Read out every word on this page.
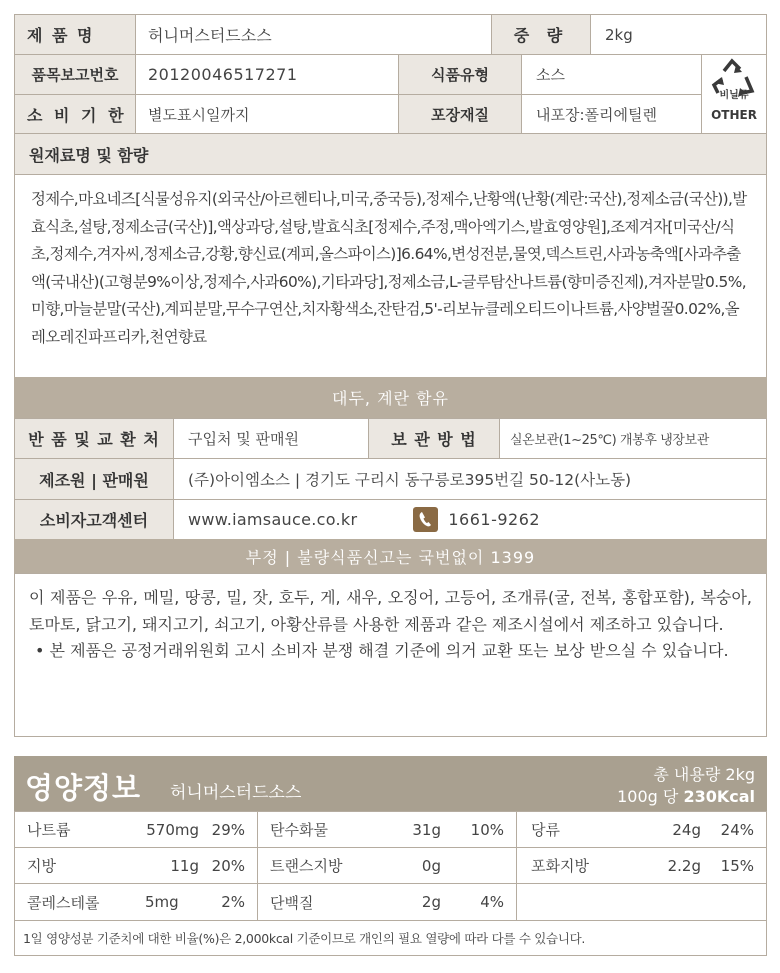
제 품 명	허니머스터드소스	중 량 2kg
품목보고번호 20120046517271	식품유형	소스
소 비 기 한 별도표시일까지	포장재질	내포장:폴리에틸렌
비닐류
OTHER
원재료명 및 함량
정제수,마요네즈[식물성유지(외국산/아르헨티나,미국,중국등),정제수,난황액(난황(계란:국산),정제소금(국산)),발효식초,설탕,정제소금(국산)],액상과당,설탕,발효식초[정제수,주정,맥아엑기스,발효영양원],조제겨자[미국산/식초,정제수,겨자씨,정제소금,강황,향신료(계피,올스파이스)]6.64%,변성전분,물엿,덱스트린,사과농축액[사과추출액(국내산)(고형분9%이상,정제수,사과60%),기타과당],정제소금,L-글루탐산나트륨(향미증진제),겨자분말0.5%,미향,마늘분말(국산),계피분말,무수구연산,치자황색소,잔탄검,5'-리보뉴클레오티드이나트륨,사양벌꿀0.02%,올레오레진파프리카,천연향료
대두, 계란 함유
반 품 및 교 환 처 구입처 및 판매원	보 관 방 법	실온보관(1~25℃) 개봉후 냉장보관
제조원 | 판매원	(주)아이엠소스 | 경기도 구리시 동구릉로395번길 50-12(사노동)
소비자고객센터 www.iamsauce.co.kr	1661-9262
부정 | 불량식품신고는 국번없이 1399
이 제품은 우유, 메밀, 땅콩, 밀, 잣, 호두, 게, 새우, 오징어, 고등어, 조개류(굴, 전복, 홍합포함), 복숭아, 토마토, 닭고기, 돼지고기, 쇠고기, 아황산류를 사용한 제품과 같은 제조시설에서 제조하고 있습니다.
• 본 제품은 공정거래위원회 고시 소비자 분쟁 해결 기준에 의거 교환 또는 보상 받으실 수 있습니다.
영양정보 허니머스터드소스
총 내용량 2kg
100g 당 230Kcal
나트륨	570mg 29% 탄수화물	31g	10% 당류	24g	24%
지방	11g 20% 트랜스지방	0g	포화지방	2.2g	15%
콜레스테롤	5mg	2% 단백질	2g	4%
1일 영양성분 기준치에 대한 비율(%)은 2,000kcal 기준이므로 개인의 필요 열량에 따라 다를 수 있습니다.
